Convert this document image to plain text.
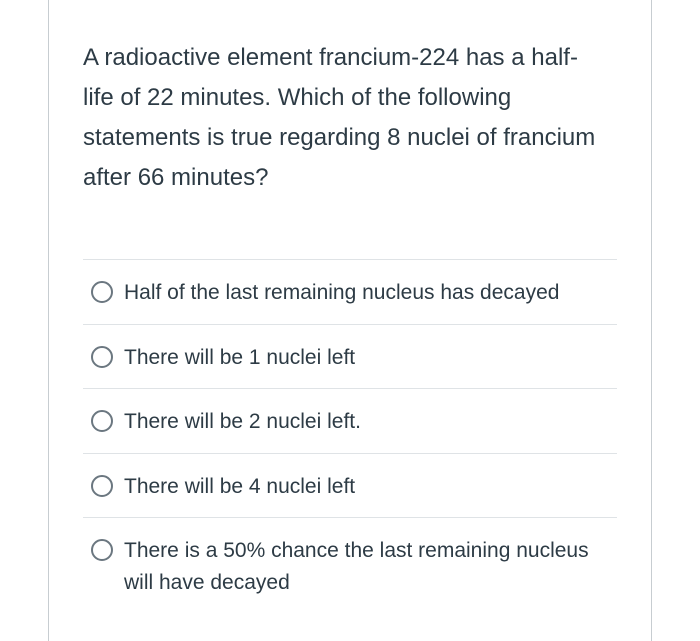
A radioactive element francium-224 has a half-life of 22 minutes. Which of the following statements is true regarding 8 nuclei of francium after 66 minutes?

Half of the last remaining nucleus has decayed
There will be 1 nuclei left
There will be 2 nuclei left.
There will be 4 nuclei left
There is a 50% chance the last remaining nucleus will have decayed
